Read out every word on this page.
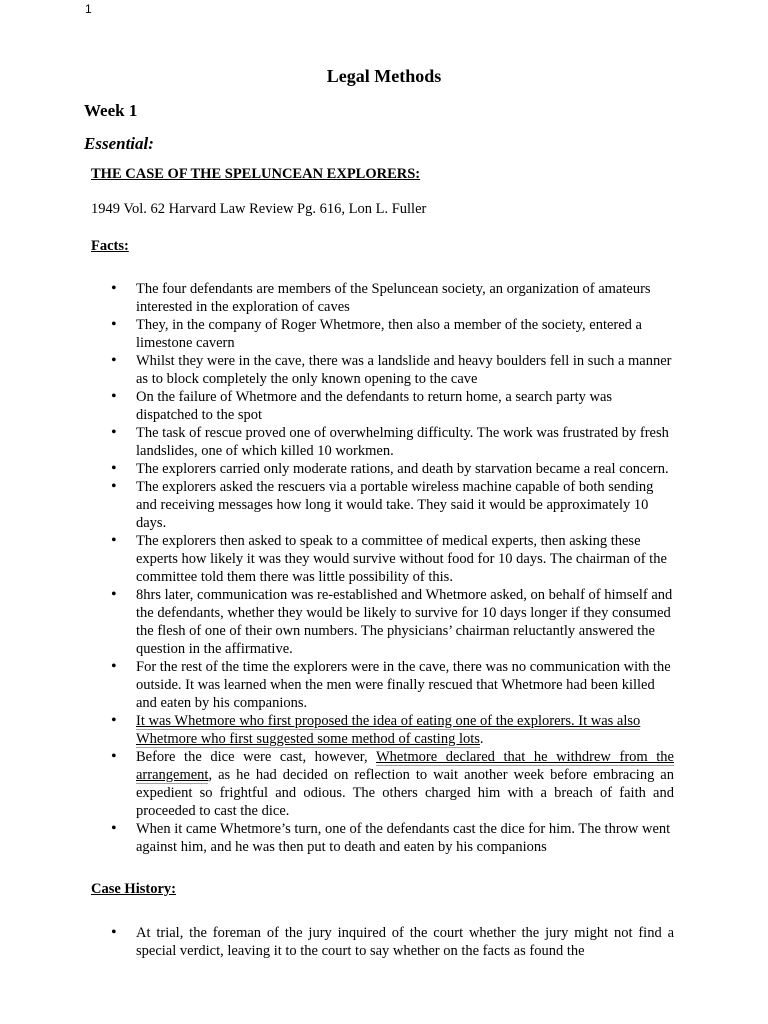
1
Legal Methods
Week 1
Essential:
THE CASE OF THE SPELUNCEAN EXPLORERS:
1949 Vol. 62 Harvard Law Review Pg. 616, Lon L. Fuller
Facts:
• The four defendants are members of the Speluncean society, an organization of amateurs interested in the exploration of caves
• They, in the company of Roger Whetmore, then also a member of the society, entered a limestone cavern
• Whilst they were in the cave, there was a landslide and heavy boulders fell in such a manner as to block completely the only known opening to the cave
• On the failure of Whetmore and the defendants to return home, a search party was dispatched to the spot
• The task of rescue proved one of overwhelming difficulty. The work was frustrated by fresh landslides, one of which killed 10 workmen.
• The explorers carried only moderate rations, and death by starvation became a real concern.
• The explorers asked the rescuers via a portable wireless machine capable of both sending and receiving messages how long it would take. They said it would be approximately 10 days.
• The explorers then asked to speak to a committee of medical experts, then asking these experts how likely it was they would survive without food for 10 days. The chairman of the committee told them there was little possibility of this.
• 8hrs later, communication was re-established and Whetmore asked, on behalf of himself and the defendants, whether they would be likely to survive for 10 days longer if they consumed the flesh of one of their own numbers. The physicians’ chairman reluctantly answered the question in the affirmative.
• For the rest of the time the explorers were in the cave, there was no communication with the outside. It was learned when the men were finally rescued that Whetmore had been killed and eaten by his companions.
• It was Whetmore who first proposed the idea of eating one of the explorers. It was also Whetmore who first suggested some method of casting lots.
• Before the dice were cast, however, Whetmore declared that he withdrew from the arrangement, as he had decided on reflection to wait another week before embracing an expedient so frightful and odious. The others charged him with a breach of faith and proceeded to cast the dice.
• When it came Whetmore’s turn, one of the defendants cast the dice for him. The throw went against him, and he was then put to death and eaten by his companions
Case History:
• At trial, the foreman of the jury inquired of the court whether the jury might not find a special verdict, leaving it to the court to say whether on the facts as found the
